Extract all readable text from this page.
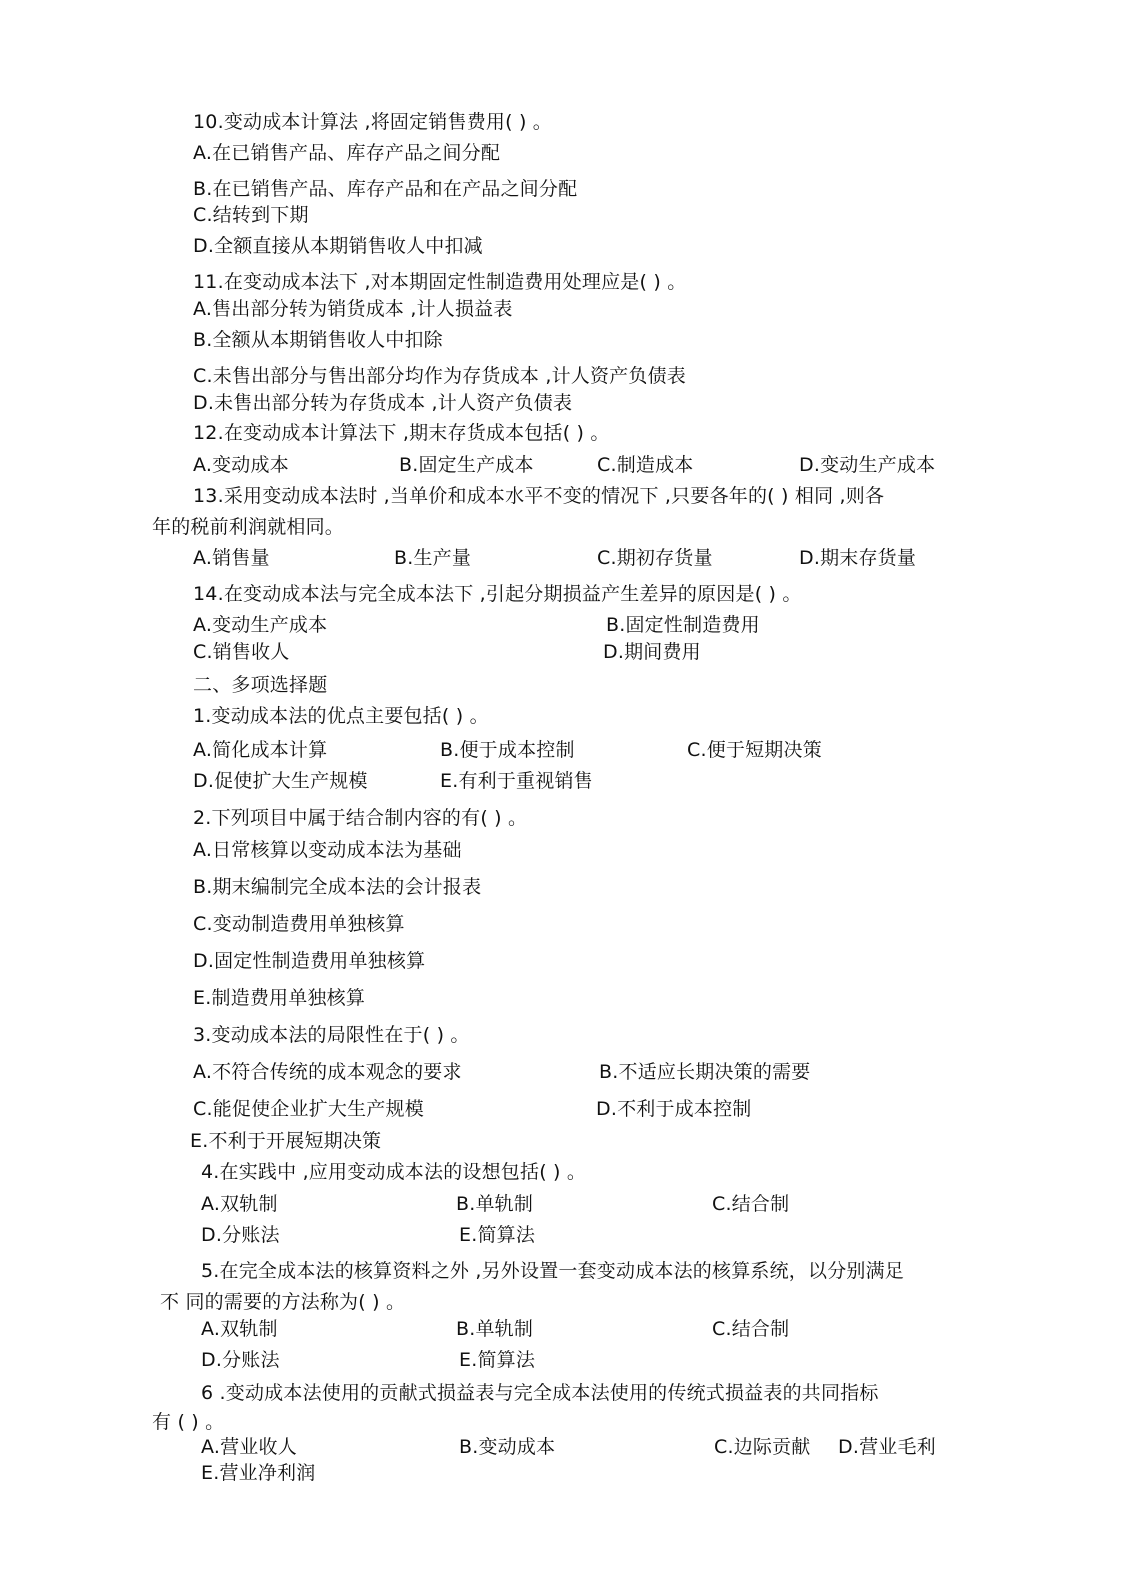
10.变动成本计算法 ,将固定销售费用( ) 。
A.在已销售产品、库存产品之间分配
B.在已销售产品、库存产品和在产品之间分配
C.结转到下期
D.全额直接从本期销售收人中扣减
11.在变动成本法下 ,对本期固定性制造费用处理应是( ) 。
A.售出部分转为销货成本 ,计人损益表
B.全额从本期销售收人中扣除
C.未售出部分与售出部分均作为存货成本 ,计人资产负债表
D.未售出部分转为存货成本 ,计人资产负债表
12.在变动成本计算法下 ,期末存货成本包括( ) 。
A.变动成本	B.固定生产成本	C.制造成本	D.变动生产成本
13.采用变动成本法时 ,当单价和成本水平不变的情况下 ,只要各年的( ) 相同 ,则各
年的税前利润就相同。
A.销售量	B.生产量	C.期初存货量	D.期末存货量
14.在变动成本法与完全成本法下 ,引起分期损益产生差异的原因是( ) 。
A.变动生产成本	B.固定性制造费用
C.销售收人	D.期间费用
二、多项选择题
1.变动成本法的优点主要包括( ) 。
A.简化成本计算	B.便于成本控制	C.便于短期决策
D.促使扩大生产规模	E.有利于重视销售
2.下列项目中属于结合制内容的有( ) 。
A.日常核算以变动成本法为基础
B.期末编制完全成本法的会计报表
C.变动制造费用单独核算
D.固定性制造费用单独核算
E.制造费用单独核算
3.变动成本法的局限性在于( ) 。
A.不符合传统的成本观念的要求	B.不适应长期决策的需要
C.能促使企业扩大生产规模	D.不利于成本控制
E.不利于开展短期决策
4.在实践中 ,应用变动成本法的设想包括( ) 。
A.双轨制	B.单轨制	C.结合制
D.分账法	E.简算法
5.在完全成本法的核算资料之外 ,另外设置一套变动成本法的核算系统，以分别满足
不 同的需要的方法称为( ) 。
A.双轨制	B.单轨制	C.结合制
D.分账法	E.简算法
6 .变动成本法使用的贡献式损益表与完全成本法使用的传统式损益表的共同指标
有 ( ) 。
A.营业收人	B.变动成本	C.边际贡献 D.营业毛利
E.营业净利润
